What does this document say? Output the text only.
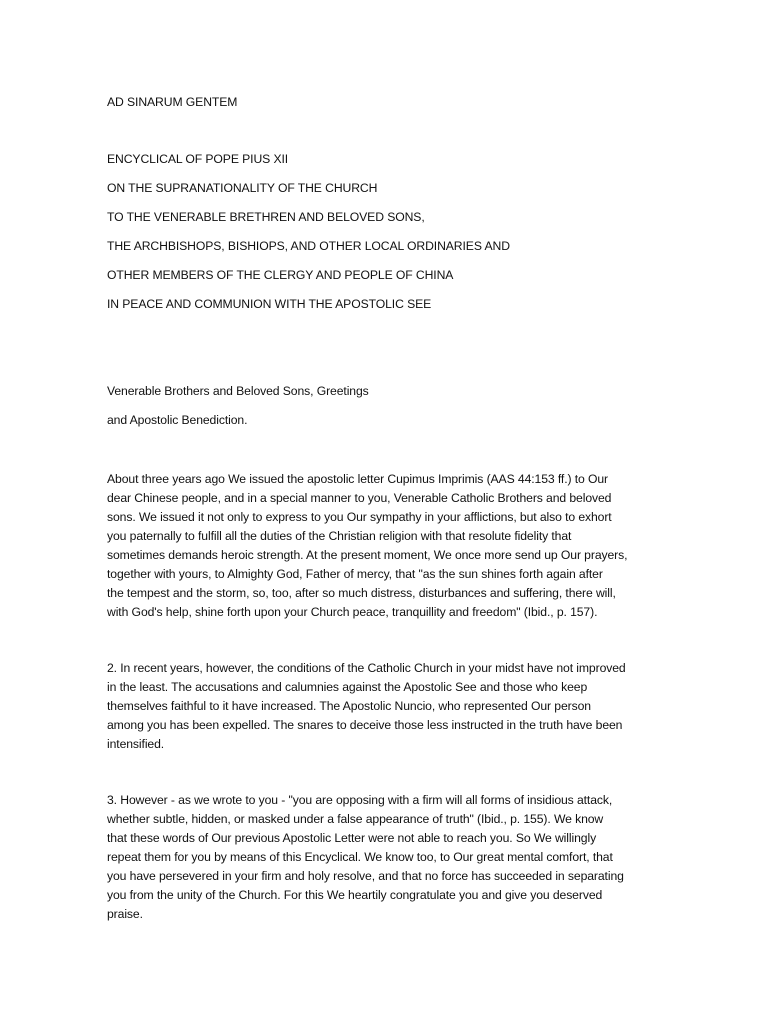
AD SINARUM GENTEM

ENCYCLICAL OF POPE PIUS XII

ON THE SUPRANATIONALITY OF THE CHURCH

TO THE VENERABLE BRETHREN AND BELOVED SONS,

THE ARCHBISHOPS, BISHIOPS, AND OTHER LOCAL ORDINARIES AND

OTHER MEMBERS OF THE CLERGY AND PEOPLE OF CHINA

IN PEACE AND COMMUNION WITH THE APOSTOLIC SEE

Venerable Brothers and Beloved Sons, Greetings

and Apostolic Benediction.

About three years ago We issued the apostolic letter Cupimus Imprimis (AAS 44:153 ff.) to Our
dear Chinese people, and in a special manner to you, Venerable Catholic Brothers and beloved
sons. We issued it not only to express to you Our sympathy in your afflictions, but also to exhort
you paternally to fulfill all the duties of the Christian religion with that resolute fidelity that
sometimes demands heroic strength. At the present moment, We once more send up Our prayers,
together with yours, to Almighty God, Father of mercy, that "as the sun shines forth again after
the tempest and the storm, so, too, after so much distress, disturbances and suffering, there will,
with God's help, shine forth upon your Church peace, tranquillity and freedom" (Ibid., p. 157).
2. In recent years, however, the conditions of the Catholic Church in your midst have not improved
in the least. The accusations and calumnies against the Apostolic See and those who keep
themselves faithful to it have increased. The Apostolic Nuncio, who represented Our person
among you has been expelled. The snares to deceive those less instructed in the truth have been
intensified.
3. However - as we wrote to you - "you are opposing with a firm will all forms of insidious attack,
whether subtle, hidden, or masked under a false appearance of truth" (Ibid., p. 155). We know
that these words of Our previous Apostolic Letter were not able to reach you. So We willingly
repeat them for you by means of this Encyclical. We know too, to Our great mental comfort, that
you have persevered in your firm and holy resolve, and that no force has succeeded in separating
you from the unity of the Church. For this We heartily congratulate you and give you deserved
praise.
